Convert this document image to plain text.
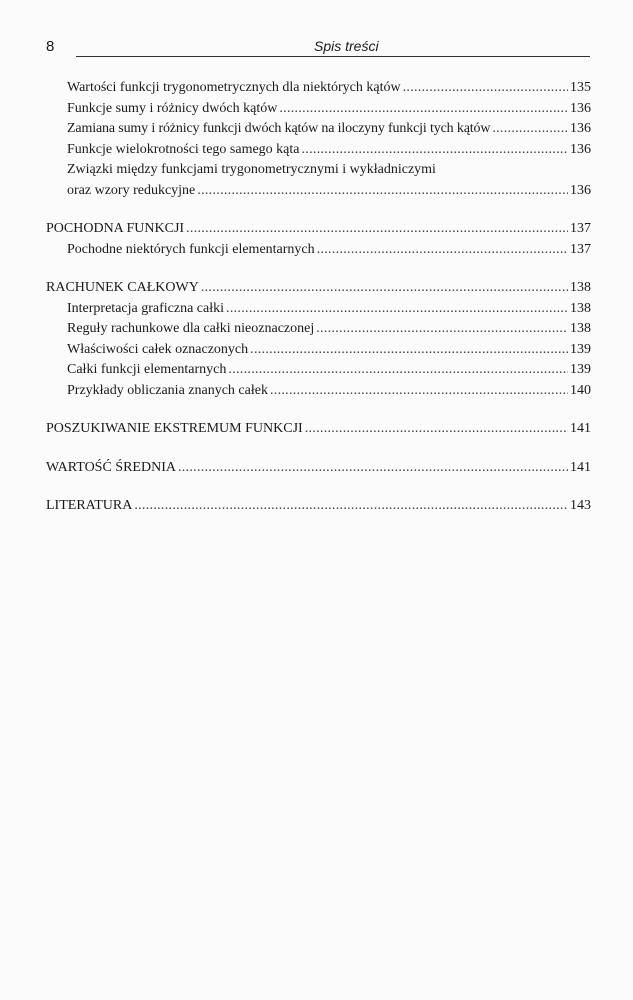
8	Spis treści
Wartości funkcji trygonometrycznych dla niektórych kątów . . .	135
Funkcje sumy i różnicy dwóch kątów . . .	136
Zamiana sumy i różnicy funkcji dwóch kątów na iloczyny funkcji tych kątów . . .	136
Funkcje wielokrotności tego samego kąta . . .	136
Związki między funkcjami trygonometrycznymi i wykładniczymi
oraz wzory redukcyjne . . .	136
POCHODNA FUNKCJI . . .	137
Pochodne niektórych funkcji elementarnych . . .	137
RACHUNEK CAŁKOWY . . .	138
Interpretacja graficzna całki . . .	138
Reguły rachunkowe dla całki nieoznaczonej . . .	138
Właściwości całek oznaczonych . . .	139
Całki funkcji elementarnych . . .	139
Przykłady obliczania znanych całek . . .	140
POSZUKIWANIE EKSTREMUM FUNKCJI . . .	141
WARTOŚĆ ŚREDNIA . . .	141
LITERATURA . . .	143
